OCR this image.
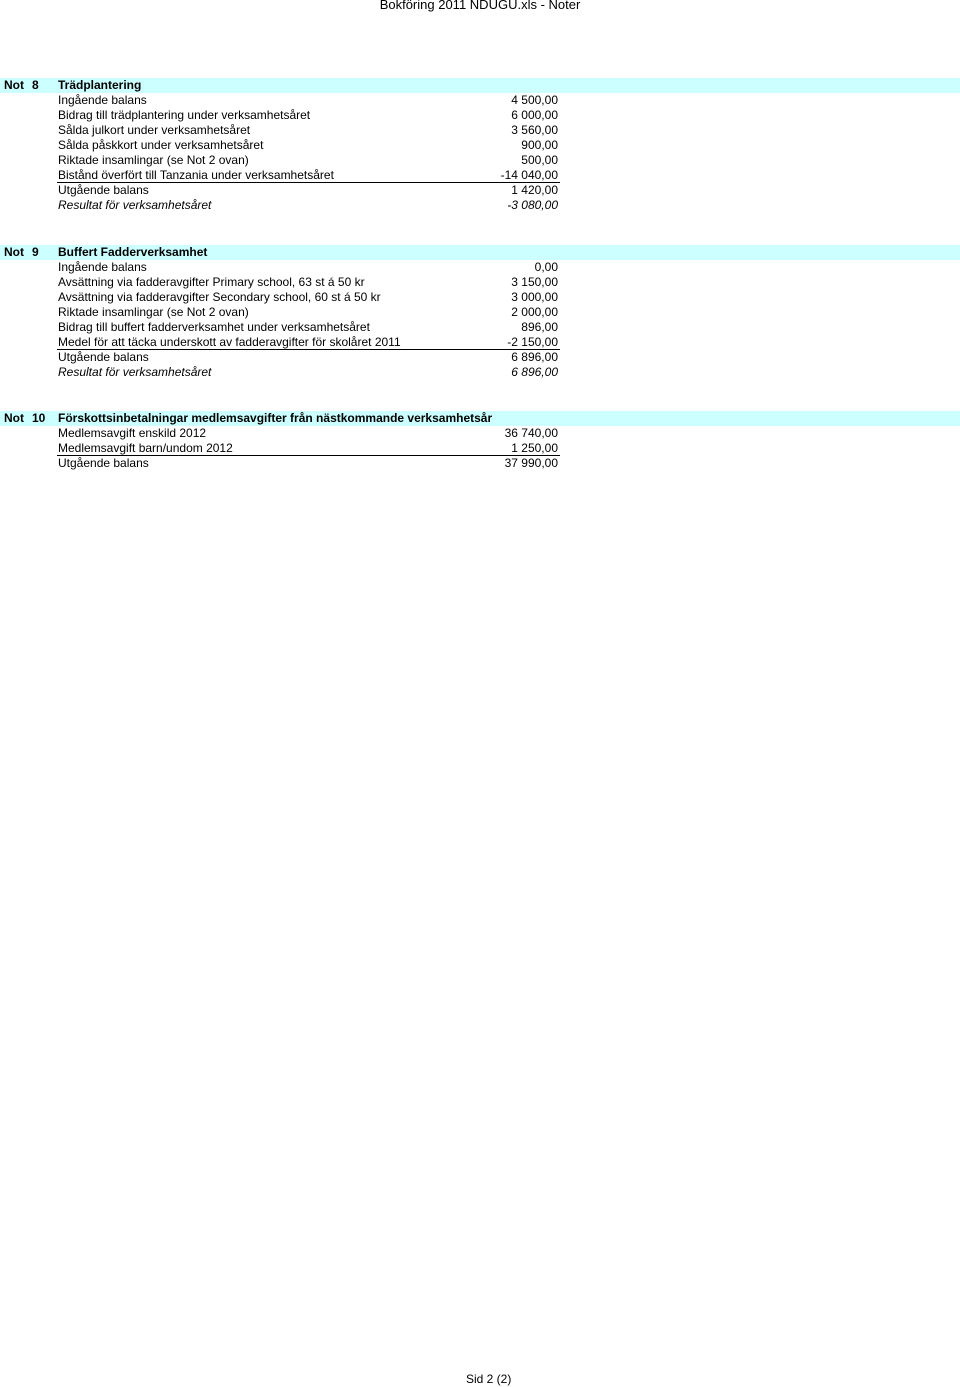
Bokföring 2011 NDUGU.xls - Noter
Not 8 Trädplantering
Ingående balans	4 500,00
Bidrag till trädplantering under verksamhetsåret	6 000,00
Sålda julkort under verksamhetsåret	3 560,00
Sålda påskkort under verksamhetsåret	900,00
Riktade insamlingar (se Not 2 ovan)	500,00
Bistånd överfört till Tanzania under verksamhetsåret	-14 040,00
Utgående balans	1 420,00
Resultat för verksamhetsåret	-3 080,00
Not 9 Buffert Fadderverksamhet
Ingående balans	0,00
Avsättning via fadderavgifter Primary school, 63 st á 50 kr	3 150,00
Avsättning via fadderavgifter Secondary school, 60 st á 50 kr	3 000,00
Riktade insamlingar (se Not 2 ovan)	2 000,00
Bidrag till buffert fadderverksamhet under verksamhetsåret	896,00
Medel för att täcka underskott av fadderavgifter för skolåret 2011	-2 150,00
Utgående balans	6 896,00
Resultat för verksamhetsåret	6 896,00
Not 10 Förskottsinbetalningar medlemsavgifter från nästkommande verksamhetsår
Medlemsavgift enskild 2012	36 740,00
Medlemsavgift barn/undom 2012	1 250,00
Utgående balans	37 990,00
Sid 2 (2)
